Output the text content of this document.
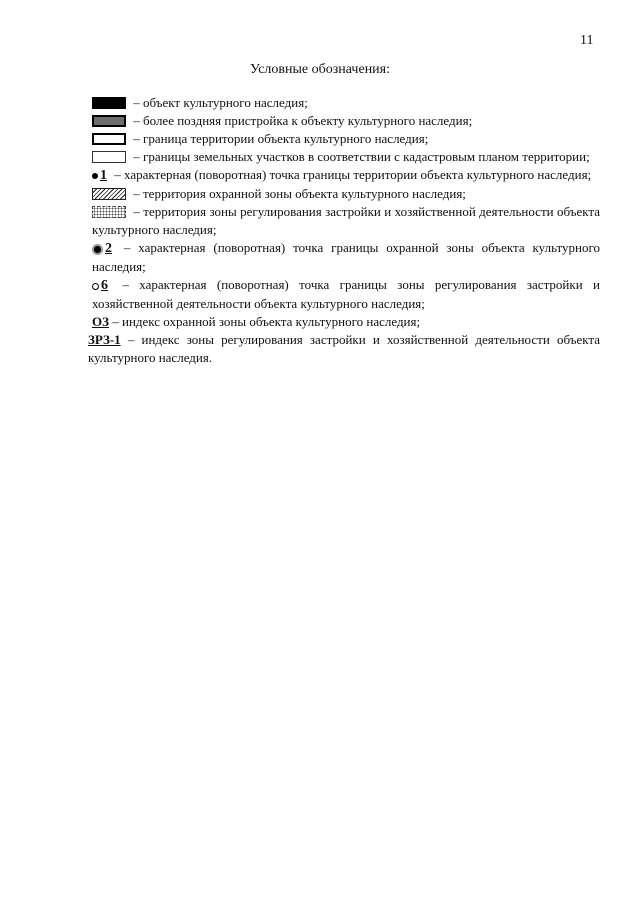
11
Условные обозначения:
– объект культурного наследия;
– более поздняя пристройка к объекту культурного наследия;
– граница территории объекта культурного наследия;
– границы земельных участков в соответствии с кадастровым планом территории;
1 – характерная (поворотная) точка границы территории объекта культурного наследия;
– территория охранной зоны объекта культурного наследия;
– территория зоны регулирования застройки и хозяйственной деятельности объекта культурного наследия;
2 – характерная (поворотная) точка границы охранной зоны объекта культурного наследия;
6 – характерная (поворотная) точка границы зоны регулирования застройки и хозяйственной деятельности объекта культурного наследия;
ОЗ – индекс охранной зоны объекта культурного наследия;
ЗРЗ-1 – индекс зоны регулирования застройки и хозяйственной деятельности объекта культурного наследия.
